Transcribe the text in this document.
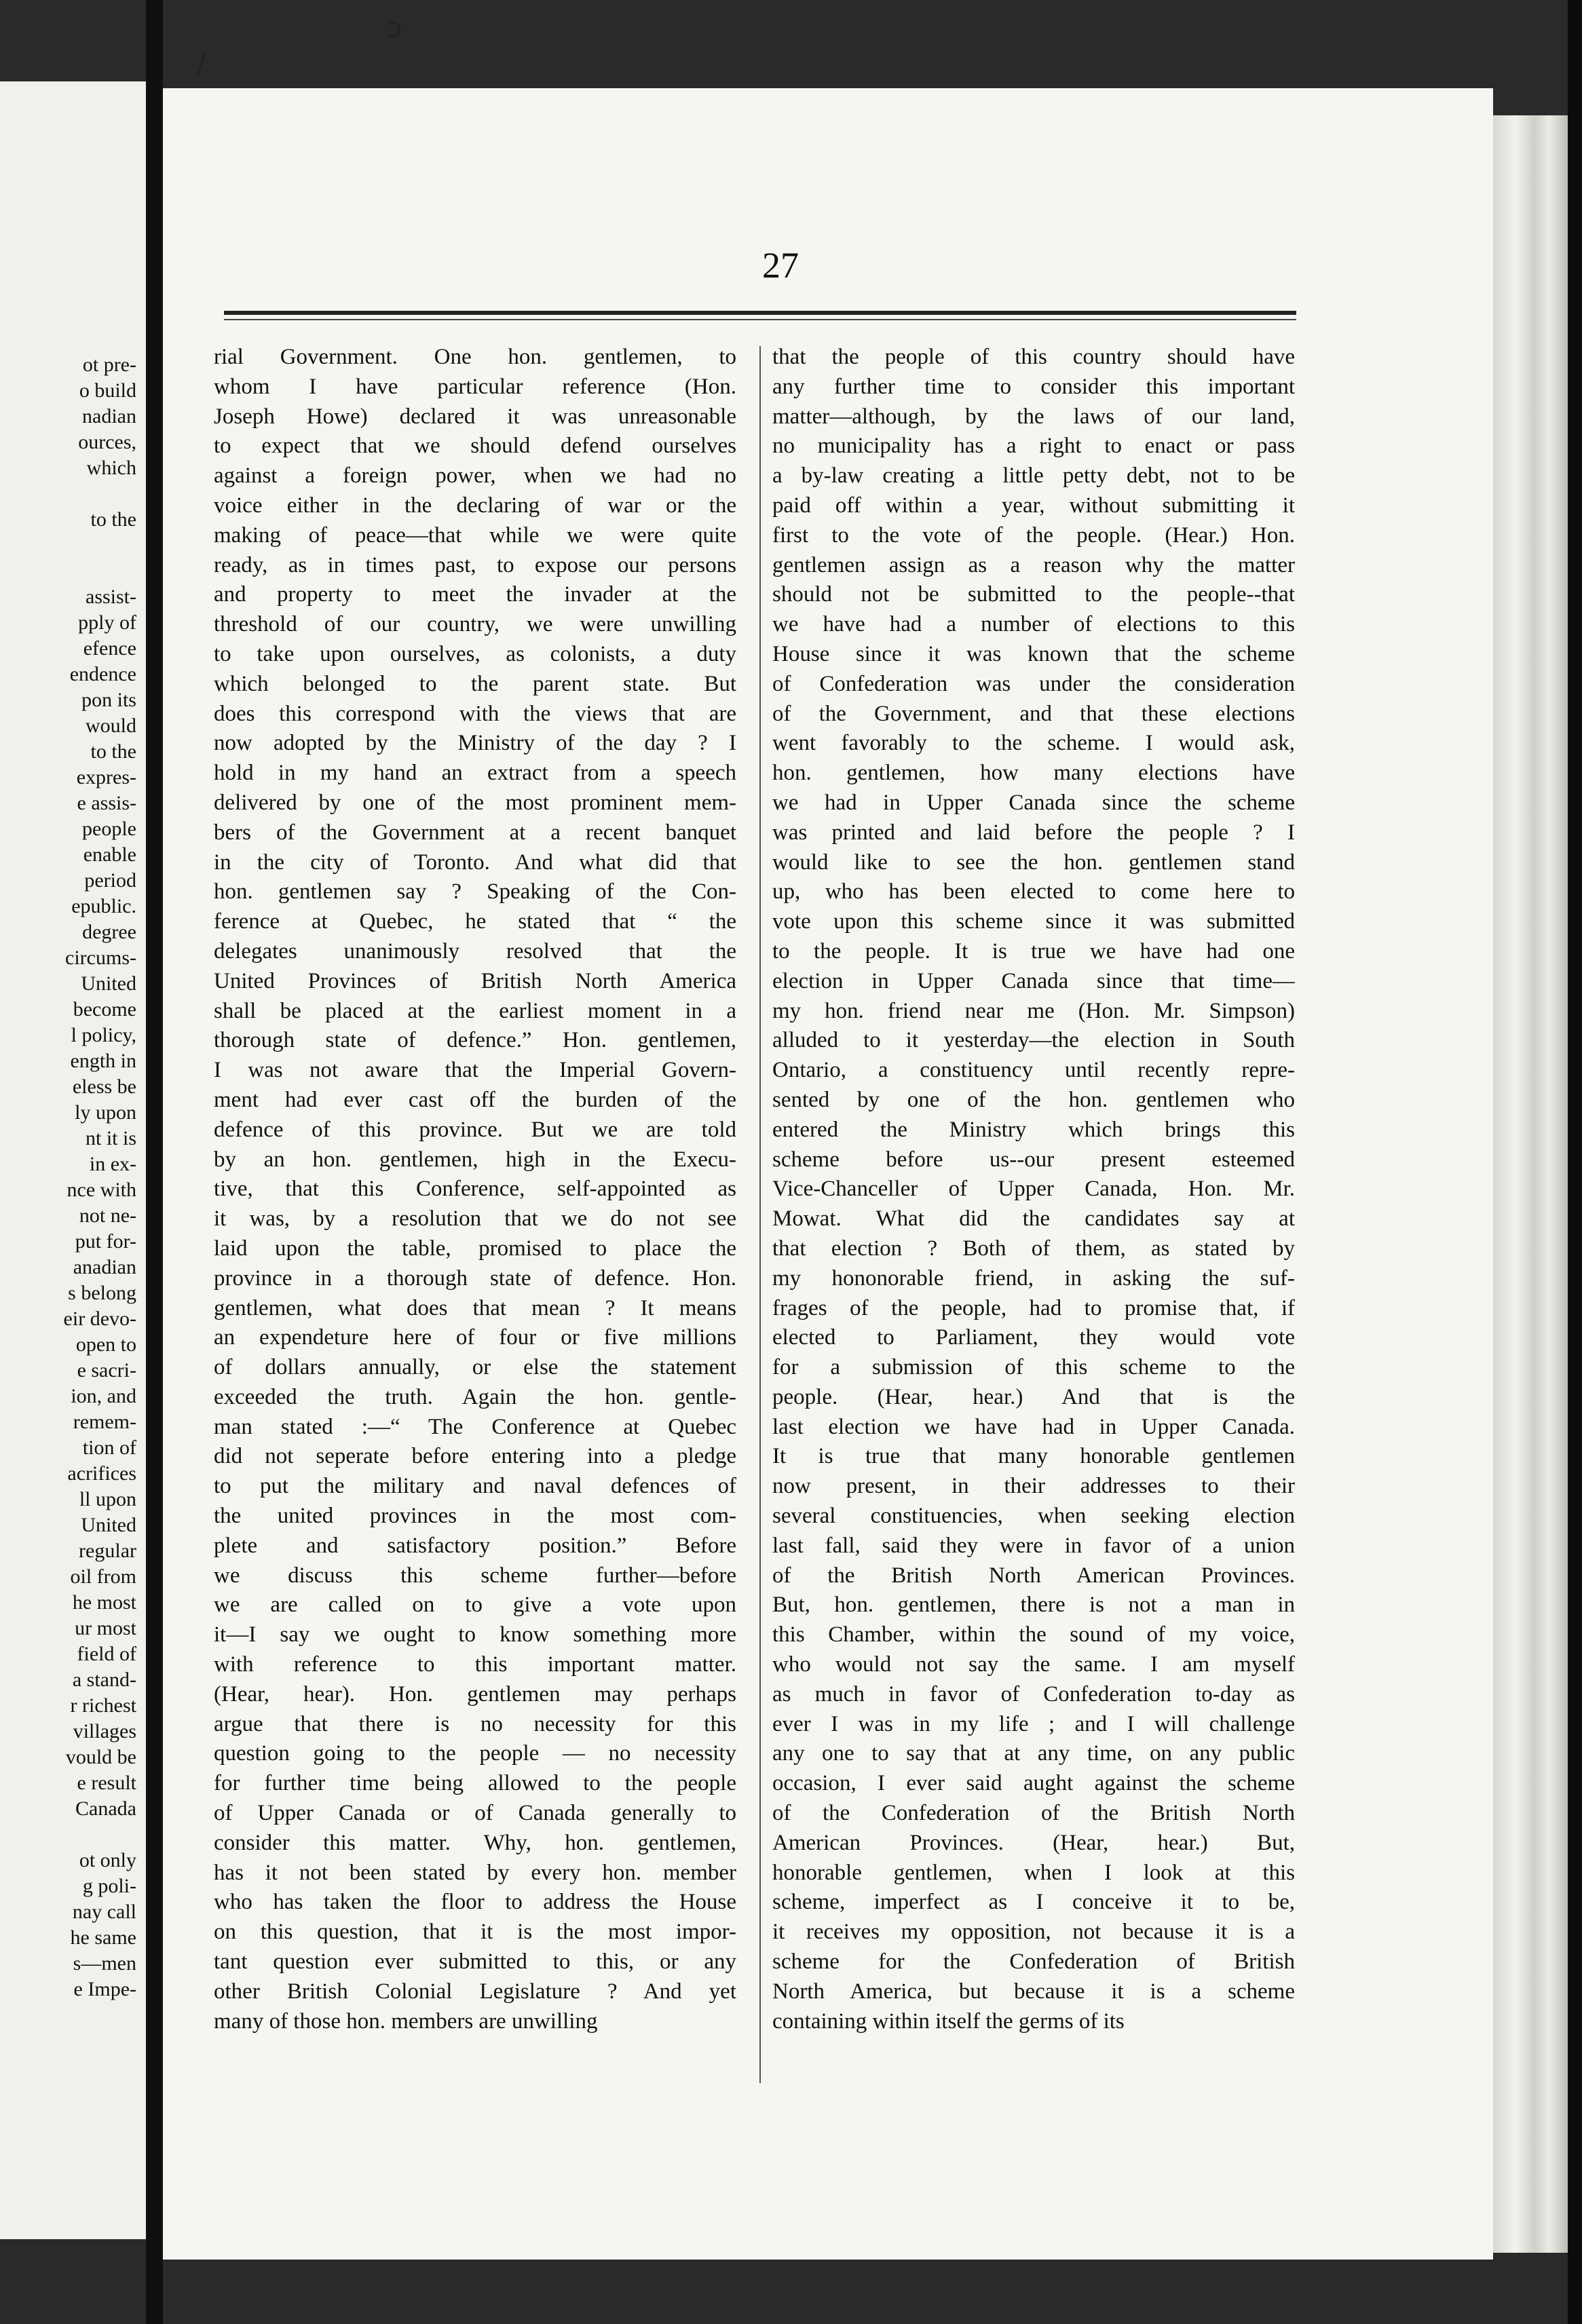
ot pre-
o build
nadian
ources,
which
to the
assist-
pply of
efence
endence
pon its
would
to the
expres-
e assis-
people
enable
period
epublic.
degree
circums-
United
become
l policy,
ength in
eless be
ly upon
nt it is
in ex-
nce with
not ne-
put for-
anadian
s belong
eir devo-
open to
e sacri-
ion, and
remem-
tion of
acrifices
ll upon
United
regular
oil from
he most
ur most
field of
a stand-
r richest
villages
vould be
e result
Canada
ot only
g poli-
nay call
he same
s—men
e Impe-
27
rial Government. One hon. gentlemen, to
whom I have particular reference (Hon.
Joseph Howe) declared it was unreasonable
to expect that we should defend ourselves
against a foreign power, when we had no
voice either in the declaring of war or the
making of peace—that while we were quite
ready, as in times past, to expose our persons
and property to meet the invader at the
threshold of our country, we were unwilling
to take upon ourselves, as colonists, a duty
which belonged to the parent state. But
does this correspond with the views that are
now adopted by the Ministry of the day ? I
hold in my hand an extract from a speech
delivered by one of the most prominent mem-
bers of the Government at a recent banquet
in the city of Toronto. And what did that
hon. gentlemen say ? Speaking of the Con-
ference at Quebec, he stated that “ the
delegates unanimously resolved that the
United Provinces of British North America
shall be placed at the earliest moment in a
thorough state of defence.” Hon. gentlemen,
I was not aware that the Imperial Govern-
ment had ever cast off the burden of the
defence of this province. But we are told
by an hon. gentlemen, high in the Execu-
tive, that this Conference, self-appointed as
it was, by a resolution that we do not see
laid upon the table, promised to place the
province in a thorough state of defence. Hon.
gentlemen, what does that mean ? It means
an expendeture here of four or five millions
of dollars annually, or else the statement
exceeded the truth. Again the hon. gentle-
man stated :—“ The Conference at Quebec
did not seperate before entering into a pledge
to put the military and naval defences of
the united provinces in the most com-
plete and satisfactory position.” Before
we discuss this scheme further—before
we are called on to give a vote upon
it—I say we ought to know something more
with reference to this important matter.
(Hear, hear). Hon. gentlemen may perhaps
argue that there is no necessity for this
question going to the people — no necessity
for further time being allowed to the people
of Upper Canada or of Canada generally to
consider this matter. Why, hon. gentlemen,
has it not been stated by every hon. member
who has taken the floor to address the House
on this question, that it is the most impor-
tant question ever submitted to this, or any
other British Colonial Legislature ? And yet
many of those hon. members are unwilling
that the people of this country should have
any further time to consider this important
matter—although, by the laws of our land,
no municipality has a right to enact or pass
a by-law creating a little petty debt, not to be
paid off within a year, without submitting it
first to the vote of the people. (Hear.) Hon.
gentlemen assign as a reason why the matter
should not be submitted to the people--that
we have had a number of elections to this
House since it was known that the scheme
of Confederation was under the consideration
of the Government, and that these elections
went favorably to the scheme. I would ask,
hon. gentlemen, how many elections have
we had in Upper Canada since the scheme
was printed and laid before the people ? I
would like to see the hon. gentlemen stand
up, who has been elected to come here to
vote upon this scheme since it was submitted
to the people. It is true we have had one
election in Upper Canada since that time—
my hon. friend near me (Hon. Mr. Simpson)
alluded to it yesterday—the election in South
Ontario, a constituency until recently repre-
sented by one of the hon. gentlemen who
entered the Ministry which brings this
scheme before us--our present esteemed
Vice-Chanceller of Upper Canada, Hon. Mr.
Mowat. What did the candidates say at
that election ? Both of them, as stated by
my hononorable friend, in asking the suf-
frages of the people, had to promise that, if
elected to Parliament, they would vote
for a submission of this scheme to the
people. (Hear, hear.) And that is the
last election we have had in Upper Canada.
It is true that many honorable gentlemen
now present, in their addresses to their
several constituencies, when seeking election
last fall, said they were in favor of a union
of the British North American Provinces.
But, hon. gentlemen, there is not a man in
this Chamber, within the sound of my voice,
who would not say the same. I am myself
as much in favor of Confederation to-day as
ever I was in my life ; and I will challenge
any one to say that at any time, on any public
occasion, I ever said aught against the scheme
of the Confederation of the British North
American Provinces. (Hear, hear.) But,
honorable gentlemen, when I look at this
scheme, imperfect as I conceive it to be,
it receives my opposition, not because it is a
scheme for the Confederation of British
North America, but because it is a scheme
containing within itself the germs of its
ↄ
/
